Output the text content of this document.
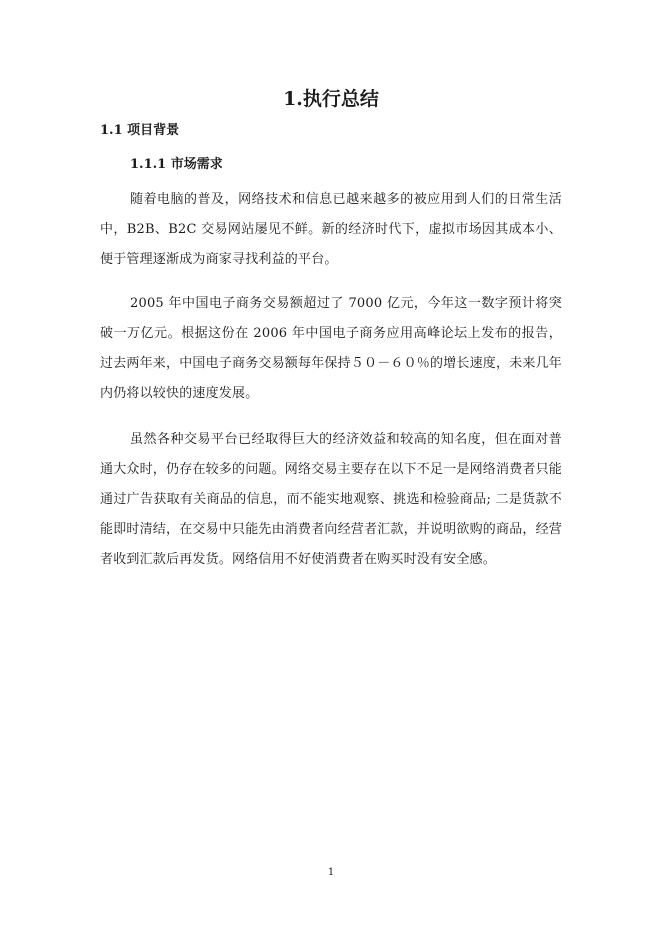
1.执行总结
1.1 项目背景
1.1.1 市场需求

随着电脑的普及，网络技术和信息已越来越多的被应用到人们的日常生活中，B2B、B2C 交易网站屡见不鲜。新的经济时代下，虚拟市场因其成本小、便于管理逐渐成为商家寻找利益的平台。

2005 年中国电子商务交易额超过了 7000 亿元，今年这一数字预计将突破一万亿元。根据这份在 2006 年中国电子商务应用高峰论坛上发布的报告，过去两年来，中国电子商务交易额每年保持５０－６０％的增长速度，未来几年内仍将以较快的速度发展。

虽然各种交易平台已经取得巨大的经济效益和较高的知名度，但在面对普通大众时，仍存在较多的问题。网络交易主要存在以下不足一是网络消费者只能通过广告获取有关商品的信息，而不能实地观察、挑选和检验商品; 二是货款不能即时清结，在交易中只能先由消费者向经营者汇款，并说明欲购的商品，经营者收到汇款后再发货。网络信用不好使消费者在购买时没有安全感。

1
